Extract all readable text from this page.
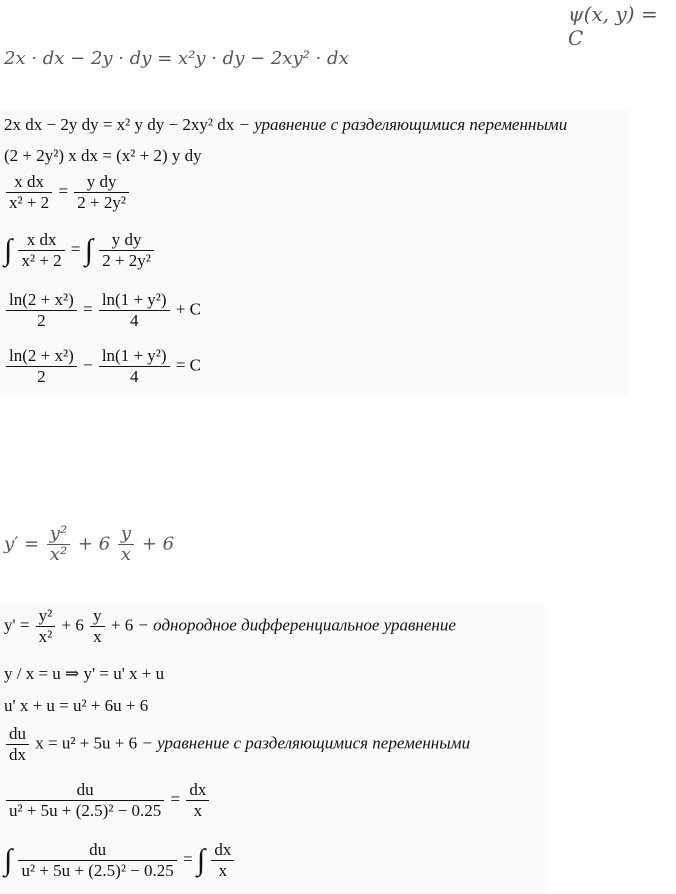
ψ(x, y) = C
2x · dx − 2y · dy = x²y · dy − 2xy² · dx
2x dx − 2y dy = x² y dy − 2xy² dx − уравнение с разделяющимися переменными
(2 + 2y²) x dx = (x² + 2) y dy
$\frac{\text{x dx}}{\text{x² + 2}} = \frac{\text{y dy}}{\text{2 + 2y²}}$
∫ $\frac{\text{x dx}}{\text{x² + 2}}$ = ∫ $\frac{\text{y dy}}{\text{2 + 2y²}}$
$\frac{\text{ln(2 + x²)}}{2} = \frac{\text{ln(1 + y²)}}{4} + C$
$\frac{\text{ln(2 + x²)}}{2} - \frac{\text{ln(1 + y²)}}{4} = C$
$y' = \frac{\text{y²}}{\text{x²}} + 6 \frac{y}{x} + 6$
$y' = \frac{\text{y²}}{\text{x²}} + 6 \frac{y}{x} + 6$ − однородное дифференциальное уравнение
y / x = u ⇒ y' = u' x + u
u' x + u = u² + 6u + 6
$\frac{du}{dx}$ x = u² + 5u + 6 − уравнение с разделяющимися переменными
$\frac{du}{\text{u² + 5u + (2.5)² − 0.25}} = \frac{dx}{x}$
∫ $\frac{du}{\text{u² + 5u + (2.5)² − 0.25}}$ = ∫ $\frac{dx}{x}$
